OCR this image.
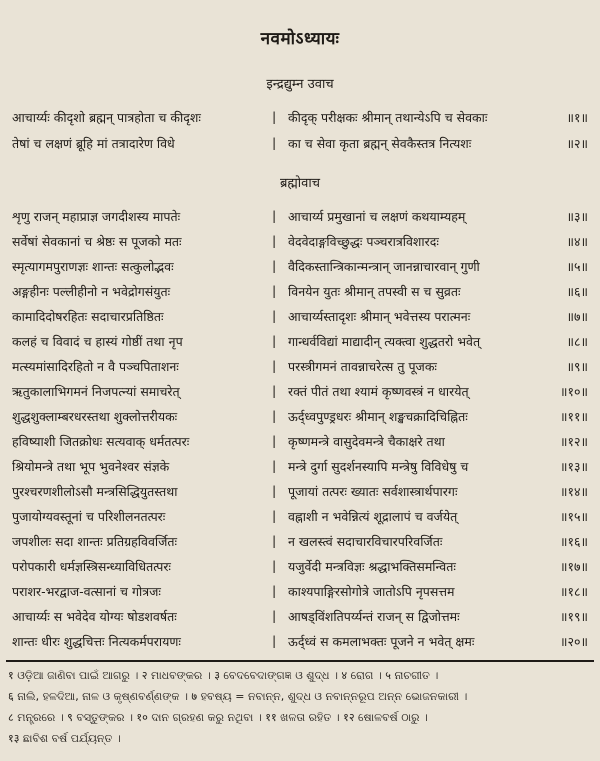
नवमोऽध्यायः
इन्द्रद्युम्न उवाच
आचार्य्यः कीदृशो ब्रह्मन् पात्रहोता च कीदृशः	| कीदृक् परीक्षकः श्रीमान् तथान्येऽपि च सेवकाः	॥१॥
तेषां च लक्षणं ब्रूहि मां तत्रादारेण विधे	| का च सेवा कृता ब्रह्मन् सेवकैस्तत्र नित्यशः	॥२॥
ब्रह्मोवाच
शृणु राजन् महाप्राज्ञ जगदीशस्य मापतेः	| आचार्य्य प्रमुखानां च लक्षणं कथयाम्यहम्	॥३॥
सर्वेषां सेवकानां च श्रेष्ठः स पूजको मतः	| वेदवेदाङ्गविच्छुद्धः पञ्चरात्रविशारदः	॥४॥
स्मृत्यागमपुराणज्ञः शान्तः सत्कुलोद्भवः	| वैदिकस्तान्त्रिकान्मन्त्रान् जानन्नाचारवान् गुणी	॥५॥
अङ्गहीनः पल्लीहीनो न भवेद्रोगसंयुतः	| विनयेन युतः श्रीमान् तपस्वी स च सुव्रतः	॥६॥
कामादिदोषरहितः सदाचारप्रतिष्ठितः	| आचार्य्यस्तादृशः श्रीमान् भवेत्तस्य परात्मनः	॥७॥
कलहं च विवादं च हास्यं गोष्ठीं तथा नृप	| गान्धर्वविद्यां माद्यादीन् त्यक्त्वा शुद्धतरो भवेत्	॥८॥
मत्स्यमांसादिरहितो न वै पञ्चपिताशनः	| परस्त्रीगमनं तावन्नाचरेत्स तु पूजकः	॥९॥
ऋतुकालाभिगमनं निजपत्न्यां समाचरेत्	| रक्तं पीतं तथा श्यामं कृष्णवस्त्रं न धारयेत्	॥१०॥
शुद्धशुक्लाम्बरधरस्तथा शुक्लोत्तरीयकः	| ऊर्द्ध्वपुण्ड्रधरः श्रीमान् शङ्खचक्रादिचिह्नितः	॥११॥
हविष्याशी जितक्रोधः सत्यवाक् धर्मतत्परः	| कृष्णमन्त्रे वासुदेवमन्त्रे चैकाक्षरे तथा	॥१२॥
श्रियोमन्त्रे तथा भूप भुवनेश्वर संज्ञके	| मन्त्रे दुर्गा सुदर्शनस्यापि मन्त्रेषु विविधेषु च	॥१३॥
पुरश्चरणशीलोऽसौ मन्त्रसिद्धियुतस्तथा	| पूजायां तत्परः ख्यातः सर्वशास्त्रार्थपारगः	॥१४॥
पुजायोग्यवस्तूनां च परिशीलनतत्परः	| वह्नाशी न भवेन्नित्यं शूद्रालापं च वर्जयेत्	॥१५॥
जपशीलः सदा शान्तः प्रतिग्रहविवर्जितः	| न खलस्त्वं सदाचारविचारपरिवर्जितः	॥१६॥
परोपकारी धर्मज्ञस्त्रिसन्ध्याविधितत्परः	| यजुर्वेदी मन्त्रविज्ञः श्रद्धाभक्तिसमन्वितः	॥१७॥
पराशर-भरद्वाज-वत्सानां च गोत्रजः	| काश्यपाङ्गिरसोगोत्रे जातोऽपि नृपसत्तम	॥१८॥
आचार्य्यः स भवेदेव योग्यः षोडशवर्षतः	| आषड्विंशतिपर्य्यन्तं राजन् स द्विजोत्तमः	॥१९॥
शान्तः धीरः शुद्धचित्तः नित्यकर्मपरायणः	| ऊर्द्ध्वं स कमलाभक्तः पूजने न भवेत् क्षमः	॥२०॥
१ ଓଡ଼ିଆ ଜାଣିବା ପାଇଁ ଆଗରୁ । २ ମାଧବଙ୍କର । ३ ବେଦବେଦାଙ୍ଗଜ୍ଞ ଓ ଶୁଦ୍ଧ । ४ ରୋଗ । ५ ନାଚଗୀତ ।
६ ନାଲି, ହଳଦିଆ, ନାଳ ଓ କୃଷ୍ଣବର୍ଣ୍ଣଙ୍କ । ७ ହବଷ୍ୟ = ନବାନ୍ନ, ଶୁଦ୍ଧ ଓ ନବାନ୍ନରୂପ ଅନ୍ନ ଭୋଜନକାରୀ ।
८ ମନ୍ତ୍ରରେ । ९ ବସ୍ତୁଙ୍କର । १० ଦାନ ଗ୍ରହଣ କରୁ ନଥିବା । ११ ଖଳତା ରହିତ । १२ ଷୋଳବର୍ଷ ଠାରୁ ।
१३ ଛାବିଶ ବର୍ଷ ପର୍ଯ୍ୟନ୍ତ ।
